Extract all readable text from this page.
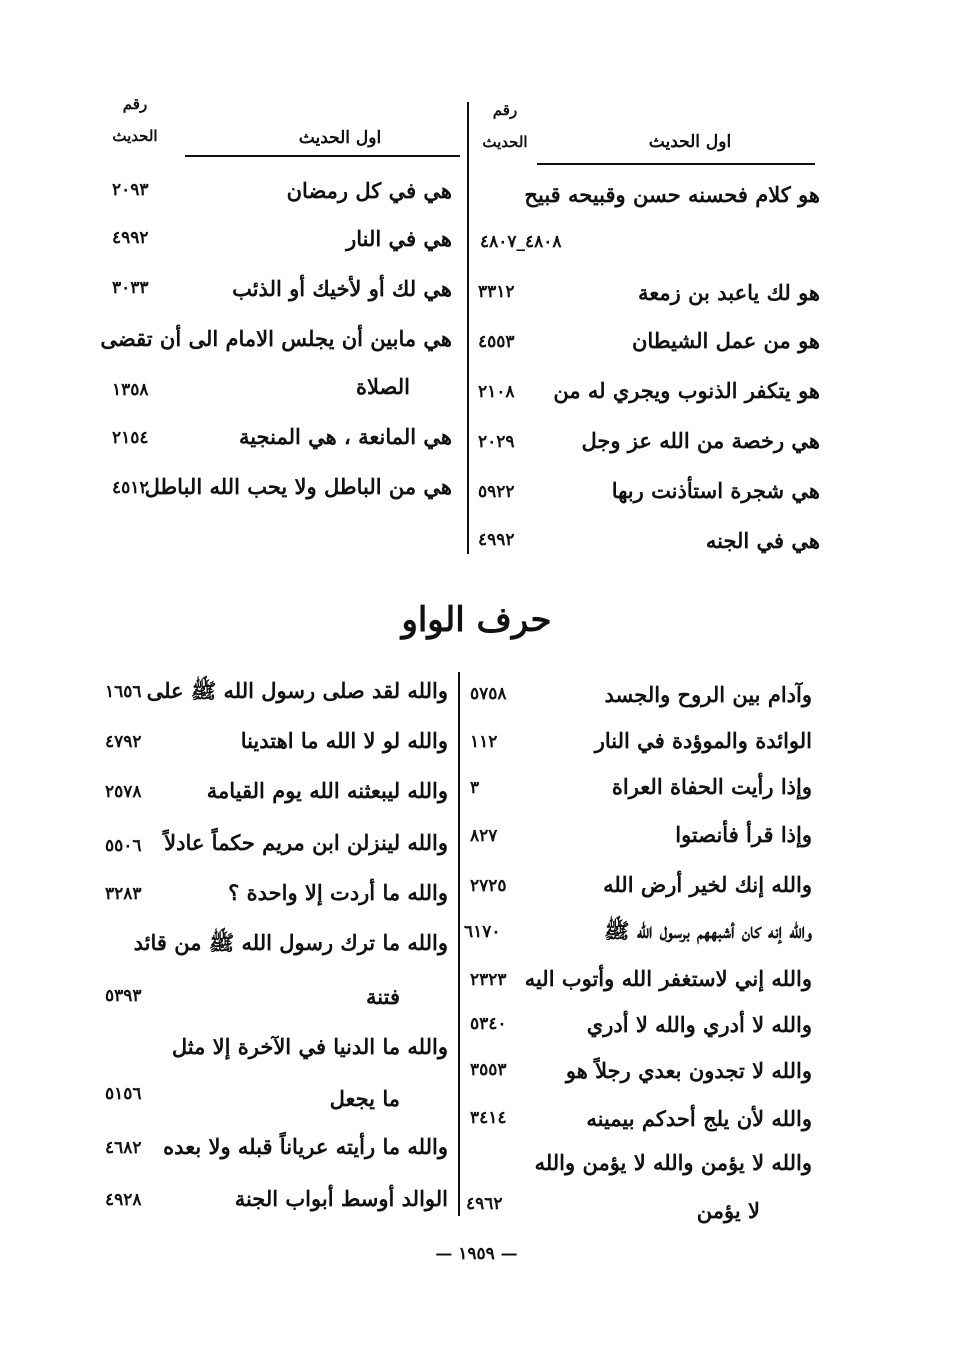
اول الحديث
رقم
الحديث
اول الحديث
رقم
الحديث
هو كلام فحسنه حسن وقبيحه قبيح
٤٨٠٨_٤٨٠٧
هو لك ياعبد بن زمعة
٣٣١٢
هو من عمل الشيطان
٤٥٥٣
هو يتكفر الذنوب ويجري له من
٢١٠٨
هي رخصة من الله عز وجل
٢٠٢٩
هي شجرة استأذنت ربها
٥٩٢٢
هي في الجنه
٤٩٩٢
هي في كل رمضان
٢٠٩٣
هي في النار
٤٩٩٢
هي لك أو لأخيك أو الذئب
٣٠٣٣
هي مابين أن يجلس الامام الى أن تقضى
الصلاة
١٣٥٨
هي المانعة ، هي المنجية
٢١٥٤
هي من الباطل ولا يحب الله الباطل
٤٥١٢
حرف الواو
وآدام بين الروح والجسد
٥٧٥٨
الوائدة والموؤدة في النار
١١٢
وإذا رأيت الحفاة العراة
٣
وإذا قرأ فأنصتوا
٨٢٧
والله إنك لخير أرض الله
٢٧٢٥
والله إنه كان أشبههم برسول الله ﷺ
٦١٧٠
والله إني لاستغفر الله وأتوب اليه
٢٣٢٣
والله لا أدري والله لا أدري
٥٣٤٠
والله لا تجدون بعدي رجلاً هو
٣٥٥٣
والله لأن يلج أحدكم بيمينه
٣٤١٤
والله لا يؤمن والله لا يؤمن والله
لا يؤمن
٤٩٦٢
والله لقد صلى رسول الله ﷺ على
١٦٥٦
والله لو لا الله ما اهتدينا
٤٧٩٢
والله ليبعثنه الله يوم القيامة
٢٥٧٨
والله لينزلن ابن مريم حكماً عادلاً
٥٥٠٦
والله ما أردت إلا واحدة ؟
٣٢٨٣
والله ما ترك رسول الله ﷺ من قائد
فتنة
٥٣٩٣
والله ما الدنيا في الآخرة إلا مثل
ما يجعل
٥١٥٦
والله ما رأيته عرياناً قبله ولا بعده
٤٦٨٢
الوالد أوسط أبواب الجنة
٤٩٢٨
— ١٩٥٩ —
